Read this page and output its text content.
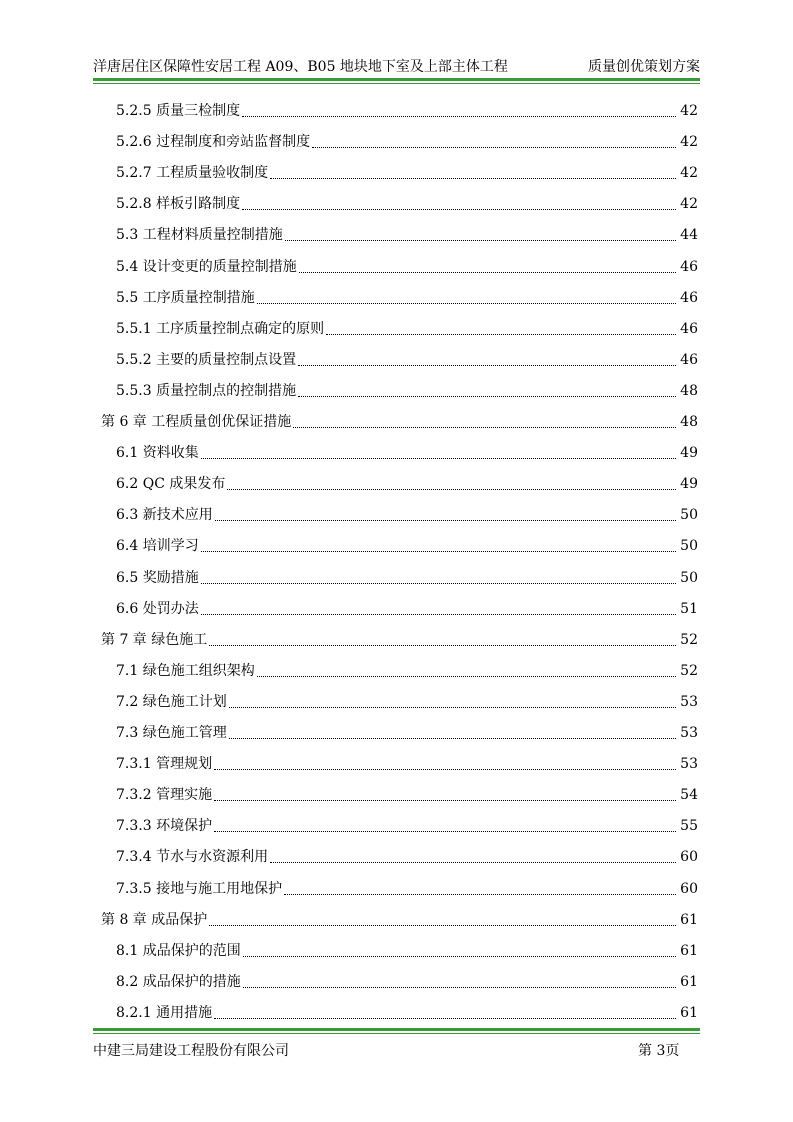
洋唐居住区保障性安居工程 A09、B05 地块地下室及上部主体工程	质量创优策划方案
5.2.5 质量三检制度	42
5.2.6 过程制度和旁站监督制度	42
5.2.7 工程质量验收制度	42
5.2.8 样板引路制度	42
5.3 工程材料质量控制措施	44
5.4 设计变更的质量控制措施	46
5.5 工序质量控制措施	46
5.5.1 工序质量控制点确定的原则	46
5.5.2 主要的质量控制点设置	46
5.5.3 质量控制点的控制措施	48
第 6 章 工程质量创优保证措施	48
6.1 资料收集	49
6.2 QC 成果发布	49
6.3 新技术应用	50
6.4 培训学习	50
6.5 奖励措施	50
6.6 处罚办法	51
第 7 章 绿色施工	52
7.1 绿色施工组织架构	52
7.2 绿色施工计划	53
7.3 绿色施工管理	53
7.3.1 管理规划	53
7.3.2 管理实施	54
7.3.3 环境保护	55
7.3.4 节水与水资源利用	60
7.3.5 接地与施工用地保护	60
第 8 章 成品保护	61
8.1 成品保护的范围	61
8.2 成品保护的措施	61
8.2.1 通用措施	61
中建三局建设工程股份有限公司	第 3页
